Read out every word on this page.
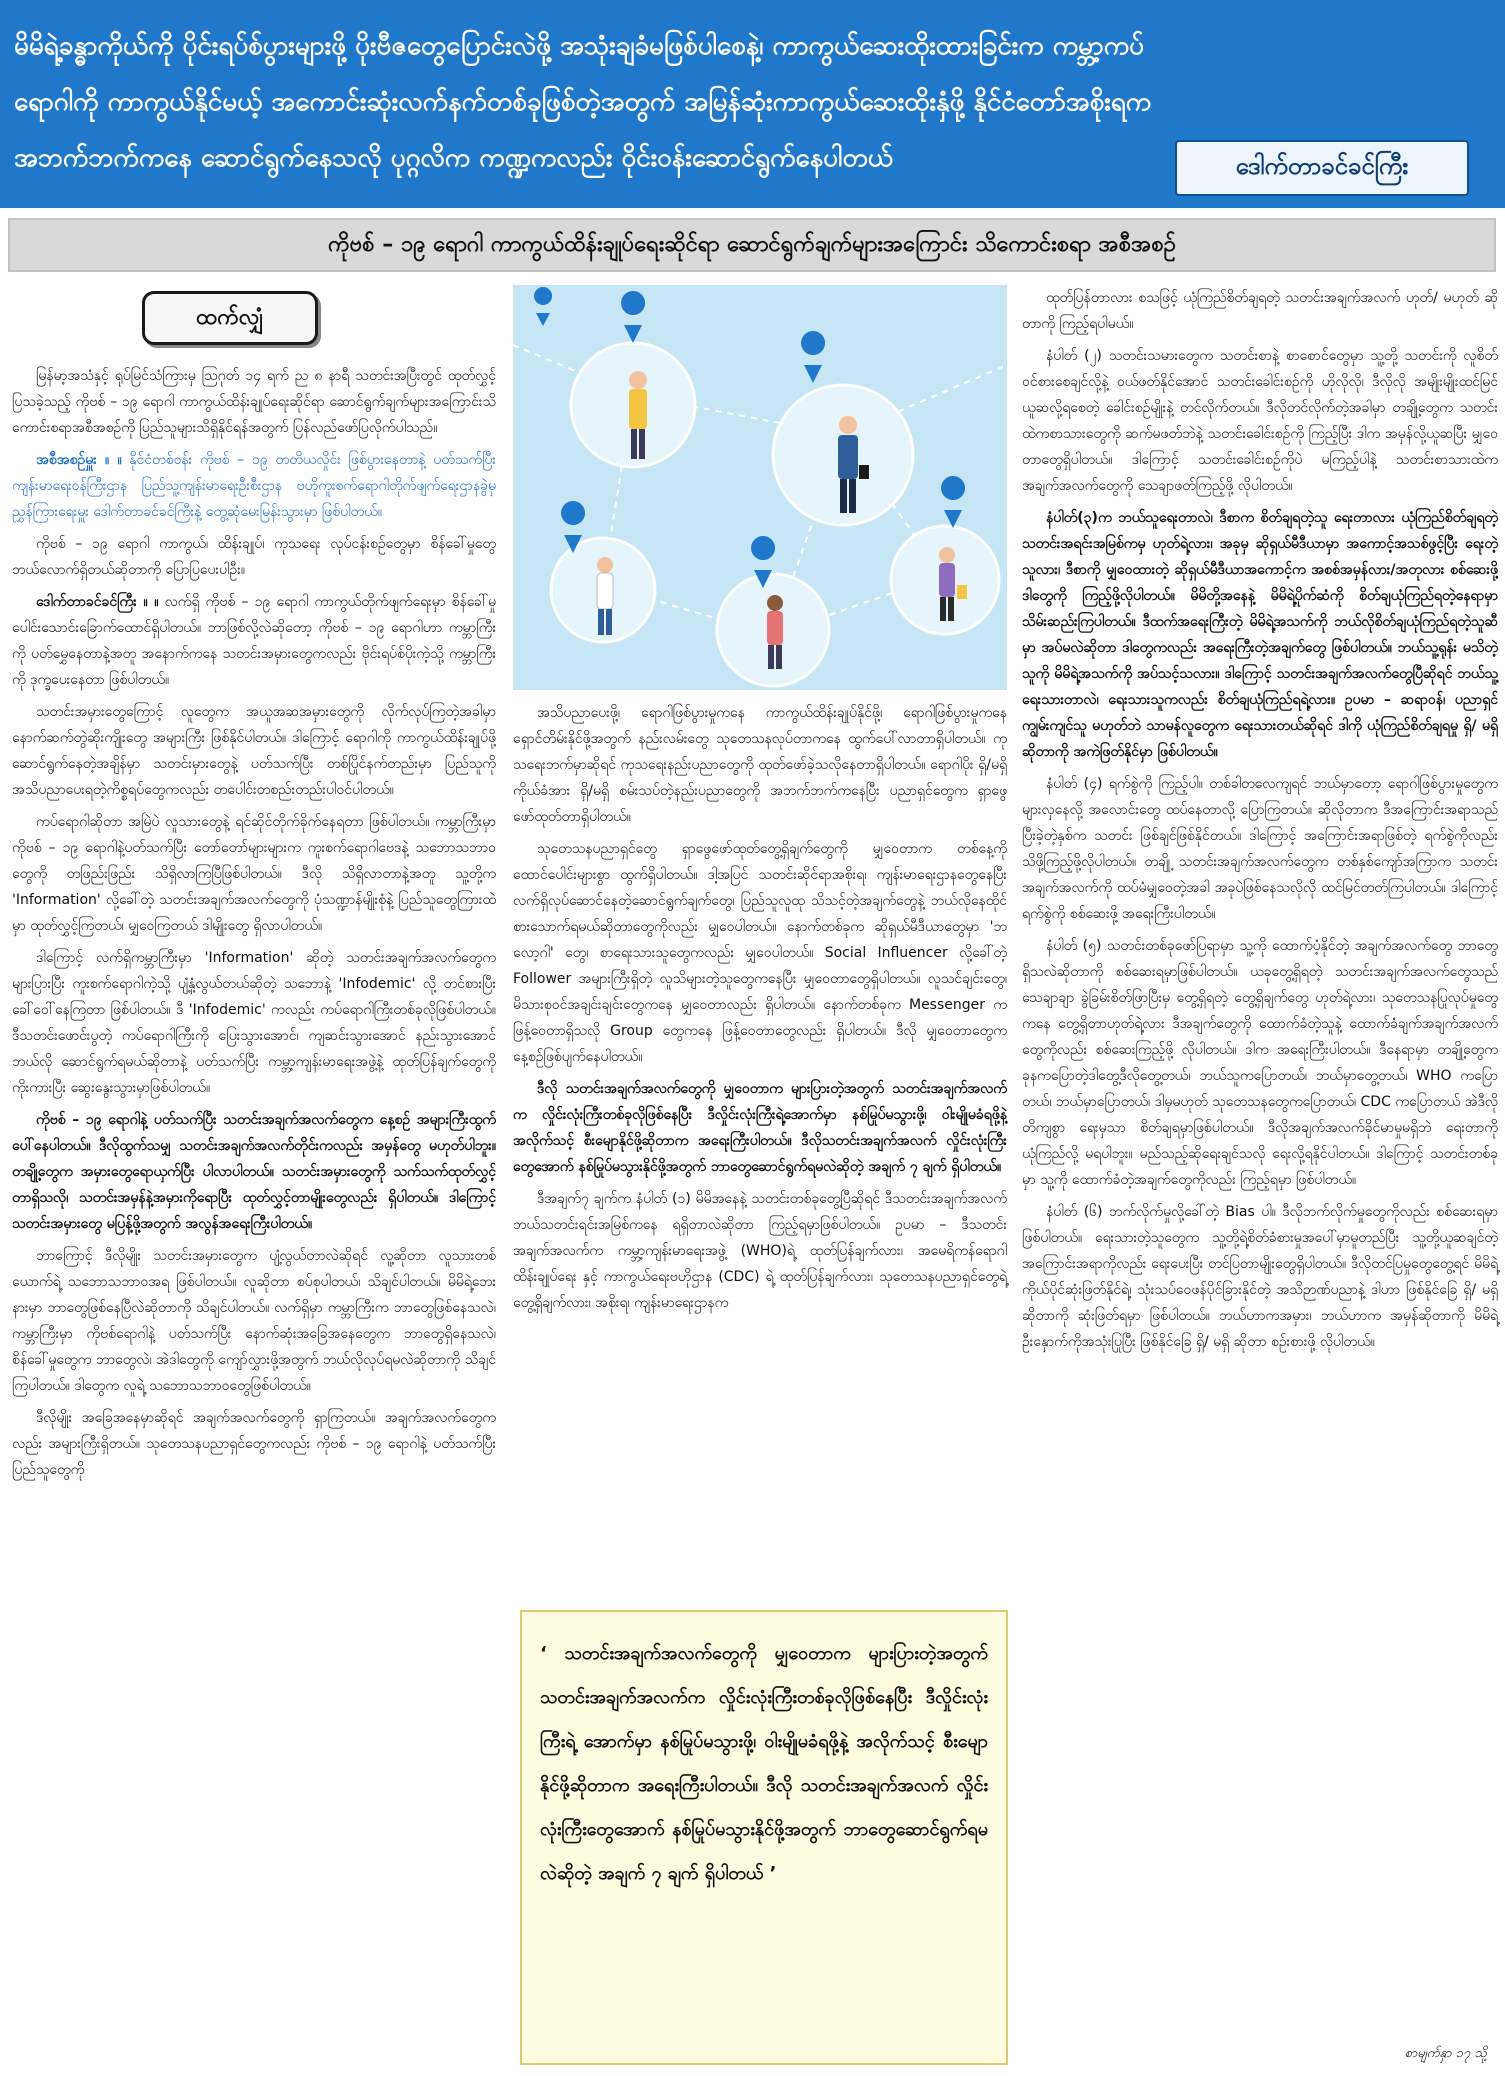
မိမိရဲ့ခန္ဓာကိုယ်ကို ပိုင်းရပ်စ်ပွားများဖို့ ပိုးဗီဇတွေပြောင်းလဲဖို့ အသုံးချခံမဖြစ်ပါစေနဲ့၊ ကာကွယ်ဆေးထိုးထားခြင်းက ကမ္ဘာ့ကပ်ရောဂါကို ကာကွယ်နိုင်မယ့် အကောင်းဆုံးလက်နက်တစ်ခုဖြစ်တဲ့အတွက် အမြန်ဆုံးကာကွယ်ဆေးထိုးနှံဖို့ နိုင်ငံတော်အစိုးရက အဘက်ဘက်ကနေ ဆောင်ရွက်နေသလို ပုဂ္ဂလိက ကဏ္ဍကလည်း ဝိုင်းဝန်းဆောင်ရွက်နေပါတယ်	ဒေါက်တာခင်ခင်ကြီး
ကိုဗစ် – ၁၉ ရောဂါ ကာကွယ်ထိန်းချုပ်ရေးဆိုင်ရာ ဆောင်ရွက်ချက်များအကြောင်း သိကောင်းစရာ အစီအစဉ်
ထက်လျှံ

မြန်မာ့အသံနှင့် ရုပ်မြင်သံကြားမှ ဩဂုတ် ၁၄ ရက် ည ၈ နာရီ သတင်းအပြီးတွင် ထုတ်လွှင့်ပြသခဲ့သည့် ကိုဗစ် – ၁၉ ရောဂါ ကာကွယ်ထိန်းချုပ်ရေးဆိုင်ရာ ဆောင်ရွက်ချက်များအကြောင်းသိကောင်းစရာအစီအစဉ်ကို ပြည်သူများသိရှိနိုင်ရန်အတွက် ပြန်လည်ဖော်ပြလိုက်ပါသည်။

အစီအစဉ်မှူး ။ ။ နိုင်ငံတစ်ဝန်း ကိုဗစ် – ၁၉ တတိယလှိုင်း ဖြစ်ပွားနေတာနဲ့ ပတ်သက်ပြီး ကျန်းမာရေးဝန်ကြီးဌာန ပြည်သူ့ကျန်းမာရေးဦးစီးဌာန ဗဟိုကူးစက်ရောဂါတိုက်ဖျက်ရေးဌာနခွဲမှ ညွှန်ကြားရေးမှူး ဒေါက်တာခင်ခင်ကြီးနဲ့ တွေ့ဆုံမေးမြန်းသွားမှာ ဖြစ်ပါတယ်။

ကိုဗစ် – ၁၉ ရောဂါ ကာကွယ်၊ ထိန်းချုပ်၊ ကုသရေး လုပ်ငန်းစဉ်တွေမှာ စိန်ခေါ်မှုတွေ ဘယ်လောက်ရှိတယ်ဆိုတာကို ပြောပြပေးပါဦး။

ဒေါက်တာခင်ခင်ကြီး ။ ။ လက်ရှိ ကိုဗစ် – ၁၉ ရောဂါ ကာကွယ်တိုက်ဖျက်ရေးမှာ စိန်ခေါ်မှုပေါင်းသောင်းခြောက်ထောင်ရှိပါတယ်။ ဘာဖြစ်လို့လဲဆိုတော့ ကိုဗစ် – ၁၉ ရောဂါဟာ ကမ္ဘာကြီးကို ပတ်မွှေနေတာနဲ့အတူ အနောက်ကနေ သတင်းအမှားတွေကလည်း ဗိုင်းရပ်စ်ပိုးကဲ့သို့ ကမ္ဘာကြီးကို ဒုက္ခပေးနေတာ ဖြစ်ပါတယ်။

သတင်းအမှားတွေကြောင့် လူတွေက အယူအဆအမှားတွေကို လိုက်လုပ်ကြတဲ့အခါမှာ နောက်ဆက်တွဲဆိုးကျိုးတွေ အများကြီး ဖြစ်နိုင်ပါတယ်။ ဒါကြောင့် ရောဂါကို ကာကွယ်ထိန်းချုပ်ဖို့ ဆောင်ရွက်နေတဲ့အချိန်မှာ သတင်းမှားတွေနဲ့ ပတ်သက်ပြီး တစ်ပြိုင်နက်တည်းမှာ ပြည်သူကို အသိပညာပေးရတဲ့ကိစ္စရပ်တွေကလည်း တပေါင်းတစည်းတည်းပါဝင်ပါတယ်။

ကပ်ရောဂါဆိုတာ အမြဲပဲ လူသားတွေနဲ့ ရင်ဆိုင်တိုက်ခိုက်နေရတာ ဖြစ်ပါတယ်။ ကမ္ဘာကြီးမှာ ကိုဗစ် – ၁၉ ရောဂါနဲ့ပတ်သက်ပြီး တော်တော်များများက ကူးစက်ရောဂါဗေဒနဲ့ သဘောသဘာဝတွေကို တဖြည်းဖြည်း သိရှိလာကြပြီဖြစ်ပါတယ်။ ဒီလို သိရှိလာတာနဲ့အတူ သူ့တို့က 'Information' လို့ခေါ်တဲ့ သတင်းအချက်အလက်တွေကို ပုံသဏ္ဍာန်မျိုးစုံနဲ့ ပြည်သူတွေကြားထဲမှာ ထုတ်လွှင့်ကြတယ်၊ မျှဝေကြတယ် ဒါမျိုးတွေ ရှိလာပါတယ်။

ဒါကြောင့် လက်ရှိကမ္ဘာကြီးမှာ 'Information' ဆိုတဲ့ သတင်းအချက်အလက်တွေက များပြားပြီး ကူးစက်ရောဂါကဲ့သို့ ပျံ့နှံ့လွယ်တယ်ဆိုတဲ့ သဘောနဲ့ 'Infodemic' လို့ တင်စားပြီး ခေါ်ဝေါ်နေကြတာ ဖြစ်ပါတယ်။ ဒီ 'Infodemic' ကလည်း ကပ်ရောဂါကြီးတစ်ခုလိုဖြစ်ပါတယ်။ ဒီသတင်းဖောင်းပွတဲ့ ကပ်ရောဂါကြီးကို ပြေးသွားအောင်၊ ကျဆင်းသွားအောင် နည်းသွားအောင် ဘယ်လို ဆောင်ရွက်ရမယ်ဆိုတာနဲ့ ပတ်သက်ပြီး ကမ္ဘာ့ကျန်းမာရေးအဖွဲ့နဲ့ ထုတ်ပြန်ချက်တွေကို ကိုးကားပြီး ဆွေးနွေးသွားမှာဖြစ်ပါတယ်။

ကိုဗစ် – ၁၉ ရောဂါနဲ့ ပတ်သက်ပြီး သတင်းအချက်အလက်တွေက နေ့စဉ် အများကြီးထွက်ပေါ်နေပါတယ်။ ဒီလိုထွက်သမျှ သတင်းအချက်အလက်တိုင်းကလည်း အမှန်တွေ မဟုတ်ပါဘူး။ တချို့တွေက အမှားတွေရောယှက်ပြီး ပါလာပါတယ်။ သတင်းအမှားတွေကို သက်သက်ထုတ်လွှင့်တာရှိသလို၊ သတင်းအမှန်နဲ့အမှားကိုရောပြီး ထုတ်လွှင့်တာမျိုးတွေလည်း ရှိပါတယ်။ ဒါကြောင့် သတင်းအမှားတွေ မပြန့်ဖို့အတွက် အလွန်အရေးကြီးပါတယ်။

ဘာကြောင့် ဒီလိုမျိုး သတင်းအမှားတွေက ပျံ့လွယ်တာလဲဆိုရင် လူ့ဆိုတာ လူသားတစ်ယောက်ရဲ့ သဘောသဘာဝအရ ဖြစ်ပါတယ်။ လူဆိုတာ စပ်စုပါတယ်၊ သိချင်ပါတယ်။ မိမိရဲ့ဘေးနားမှာ ဘာတွေဖြစ်နေပြီလဲဆိုတာကို သိချင်ပါတယ်။ လက်ရှိမှာ ကမ္ဘာကြီးက ဘာတွေဖြစ်နေသလဲ၊ ကမ္ဘာကြီးမှာ ကိုဗစ်ရောဂါနဲ့ ပတ်သက်ပြီး နောက်ဆုံးအခြေအနေတွေက ဘာတွေရှိနေသလဲ၊ စိန်ခေါ်မှုတွေက ဘာတွေလဲ၊ အဲဒါတွေကို ကျော်လွှားဖို့အတွက် ဘယ်လိုလုပ်ရမလဲဆိုတာကို သိချင်ကြပါတယ်။ ဒါတွေက လူရဲ့ သဘောသဘာဝတွေဖြစ်ပါတယ်။

ဒီလိုမျိုး အခြေအနေမှာဆိုရင် အချက်အလက်တွေကို ရှာကြတယ်။ အချက်အလက်တွေကလည်း အများကြီးရှိတယ်။ သုတေသနပညာရှင်တွေကလည်း ကိုဗစ် – ၁၉ ရောဂါနဲ့ ပတ်သက်ပြီး ပြည်သူတွေကို

အသိပညာပေးဖို့၊ ရောဂါဖြစ်ပွားမှုကနေ ကာကွယ်ထိန်းချုပ်နိုင်ဖို့၊ ရောဂါဖြစ်ပွားမှုကနေ ရှောင်တိမ်းနိုင်ဖို့အတွက် နည်းလမ်းတွေ သုတေသနလုပ်တာကနေ ထွက်ပေါ်လာတာရှိပါတယ်။ ကုသရေးဘက်မှာဆိုရင် ကုသရေးနည်းပညာတွေကို ထုတ်ဖော်ခဲ့သလိုနေတာရှိပါတယ်။ ရောဂါပိုး ရှိ/မရှိ ကိုယ်ခံအား ရှိ/မရှိ စမ်းသပ်တဲ့နည်းပညာတွေကို အဘက်ဘက်ကနေပြီး ပညာရှင်တွေက ရှာဖွေဖော်ထုတ်တာရှိပါတယ်။

သုတေသနပညာရှင်တွေ ရှာဖွေဖော်ထုတ်တွေ့ရှိချက်တွေကို မျှဝေတာက တစ်နေ့ကို ထောင်ပေါင်းများစွာ ထွက်ရှိပါတယ်။ ဒါ့အပြင် သတင်းဆိုင်ရာအစိုးရ၊ ကျန်းမာရေးဌာနတွေနေပြီး လက်ရှိလုပ်ဆောင်နေတဲ့ဆောင်ရွက်ချက်တွေ၊ ပြည်သူလူထု သိသင့်တဲ့အချက်တွေနဲ့ ဘယ်လိုနေထိုင်စားသောက်ရမယ်ဆိုတာတွေကိုလည်း မျှဝေပါတယ်။ နောက်တစ်ခုက ဆိုရှယ်မီဒီယာတွေမှာ 'ဘလော့ဂါ' တွေ၊ စာရေးသားသူတွေကလည်း မျှဝေပါတယ်။ Social Influencer လို့ခေါ်တဲ့ Follower အများကြီးရှိတဲ့ လူသိများတဲ့သူတွေကနေပြီး မျှဝေတာတွေရှိပါတယ်။ လူသင်ချင်းတွေ၊ မိသားစုဝင်အချင်းချင်းတွေကနေ မျှဝေတာလည်း ရှိပါတယ်။ နောက်တစ်ခုက Messenger က ဖြန့်ဝေတာရှိသလို Group တွေကနေ ဖြန့်ဝေတာတွေလည်း ရှိပါတယ်။ ဒီလို မျှဝေတာတွေက နေ့စဉ်ဖြစ်ပျက်နေပါတယ်။

ဒီလို သတင်းအချက်အလက်တွေကို မျှဝေတာက များပြားတဲ့အတွက် သတင်းအချက်အလက်က လှိုင်းလုံးကြီးတစ်ခုလိုဖြစ်နေပြီး ဒီလှိုင်းလုံးကြီးရဲ့အောက်မှာ နစ်မြုပ်မသွားဖို့၊ ဝါးမျိုမခံရဖို့နဲ့ အလိုက်သင့် စီးမျောနိုင်ဖို့ဆိုတာက အရေးကြီးပါတယ်။ ဒီလိုသတင်းအချက်အလက် လှိုင်းလုံးကြီးတွေအောက် နစ်မြုပ်မသွားနိုင်ဖို့အတွက် ဘာတွေဆောင်ရွက်ရမလဲဆိုတဲ့ အချက် ၇ ချက် ရှိပါတယ်။

ဒီအချက်၇ ချက်က နံပါတ် (၁) မိမိအနေနဲ့ သတင်းတစ်ခုတွေ့ပြီဆိုရင် ဒီသတင်းအချက်အလက် ဘယ်သတင်းရင်းအမြစ်ကနေ ရရှိတာလဲဆိုတာ ကြည့်ရမှာဖြစ်ပါတယ်။ ဥပမာ – ဒီသတင်းအချက်အလက်က ကမ္ဘာ့ကျန်းမာရေးအဖွဲ့ (WHO)ရဲ့ ထုတ်ပြန်ချက်လား၊ အမေရိကန်ရောဂါထိန်းချုပ်ရေး နှင့် ကာကွယ်ရေးဗဟိုဌာန (CDC) ရဲ့ ထုတ်ပြန်ချက်လား၊ သုတေသနပညာရှင်တွေရဲ့ တွေ့ရှိချက်လား၊ အစိုးရ၊ ကျန်းမာရေးဌာနက

‘ သတင်းအချက်အလက်တွေကို မျှဝေတာက များပြားတဲ့အတွက် သတင်းအချက်အလက်က လှိုင်းလုံးကြီးတစ်ခုလိုဖြစ်နေပြီး ဒီလှိုင်းလုံးကြီးရဲ့ အောက်မှာ နစ်မြုပ်မသွားဖို့၊ ဝါးမျိုမခံရဖို့နဲ့ အလိုက်သင့် စီးမျောနိုင်ဖို့ဆိုတာက အရေးကြီးပါတယ်။ ဒီလို သတင်းအချက်အလက် လှိုင်းလုံးကြီးတွေအောက် နစ်မြုပ်မသွားနိုင်ဖို့အတွက် ဘာတွေဆောင်ရွက်ရမလဲဆိုတဲ့ အချက် ၇ ချက် ရှိပါတယ် ’

ထုတ်ပြန်တာလား စသဖြင့် ယုံကြည်စိတ်ချရတဲ့ သတင်းအချက်အလက် ဟုတ်/ မဟုတ် ဆိုတာကို ကြည့်ရပါမယ်။

နံပါတ် (၂) သတင်းသမားတွေက သတင်းစာနဲ့ စာစောင်တွေမှာ သူ့တို့ သတင်းကို လူစိတ်ဝင်စားစေချင်လို့နဲ့ ဝယ်ဖတ်နိုင်အောင် သတင်းခေါင်းစဉ်ကို ဟိုလိုလို၊ ဒီလိုလို အမျိုးမျိုးထင်မြင်ယူဆလို့ရစေတဲ့ ခေါင်းစဉ်မျိုးနဲ့ တင်လိုက်တယ်။ ဒီလိုတင်လိုက်တဲ့အခါမှာ တချို့တွေက သတင်းထဲကစာသားတွေကို ဆက်မဖတ်ဘဲနဲ့ သတင်းခေါင်းစဉ်ကို ကြည့်ပြီး ဒါက အမှန်လို့ယူဆပြီး မျှဝေတာတွေရှိပါတယ်။ ဒါကြောင့် သတင်းခေါင်းစဉ်ကိုပဲ မကြည့်ပါနဲ့ သတင်းစာသားထဲက အချက်အလက်တွေကို သေချာဖတ်ကြည့်ဖို့ လိုပါတယ်။

နံပါတ်(၃)က ဘယ်သူရေးတာလဲ၊ ဒီစာက စိတ်ချရတဲ့သူ ရေးတာလား ယုံကြည်စိတ်ချရတဲ့ သတင်းအရင်းအမြစ်ကမှ ဟုတ်ရဲ့လား၊ အခုမှ ဆိုရှယ်မီဒီယာမှာ အကောင့်အသစ်ဖွင့်ပြီး ရေးတဲ့သူလား၊ ဒီစာကို မျှဝေထားတဲ့ ဆိုရှယ်မီဒီယာအကောင့်က အစစ်အမှန်လား/အတုလား စစ်ဆေးဖို့ ဒါတွေကို ကြည့်ဖို့လိုပါတယ်။ မိမိတို့အနေနဲ့ မိမိရဲ့ပိုက်ဆံကို စိတ်ချယုံကြည်ရတဲ့နေရာမှာသိမ်းဆည်းကြပါတယ်။ ဒီထက်အရေးကြီးတဲ့ မိမိရဲ့အသက်ကို ဘယ်လိုစိတ်ချယုံကြည်ရတဲ့သူဆီမှာ အပ်မလဲဆိုတာ ဒါတွေကလည်း အရေးကြီးတဲ့အချက်တွေ ဖြစ်ပါတယ်။ ဘယ်သူ့ရုန်း မသိတဲ့သူကို မိမိရဲ့အသက်ကို အပ်သင့်သလား။ ဒါကြောင့် သတင်းအချက်အလက်တွေပြီဆိုရင် ဘယ်သူ့ရေးသားတာလဲ၊ ရေးသားသူကလည်း စိတ်ချယုံကြည်ရရဲ့လား။ ဥပမာ – ဆရာဝန်၊ ပညာရှင်ကျွမ်းကျင်သူ မဟုတ်ဘဲ သာမန်လူတွေက ရေးသားတယ်ဆိုရင် ဒါကို ယုံကြည်စိတ်ချရမှု ရှိ/ မရှိ ဆိုတာကို အကဲဖြတ်နိုင်မှာ ဖြစ်ပါတယ်။

နံပါတ် (၄) ရက်စွဲကို ကြည့်ပါ။ တစ်ခါတလေကျရင် ဘယ်မှာတော့ ရောဂါဖြစ်ပွားမှုတွေက များလှနေလို့ အလောင်းတွေ ထပ်နေတာလို့ ပြောကြတယ်။ ဆိုလိုတာက ဒီအကြောင်းအရာသည် ပြီးခဲ့တဲ့နှစ်က သတင်း ဖြစ်ချင်ဖြစ်နိုင်တယ်။ ဒါကြောင့် အကြောင်းအရာဖြစ်တဲ့ ရက်စွဲကိုလည်း သိဖို့ကြည့်ဖို့လိုပါတယ်။ တချို့ သတင်းအချက်အလက်တွေက တစ်နှစ်ကျော်အကြာက သတင်းအချက်အလက်ကို ထပ်မံမျှဝေတဲ့အခါ အခုပဲဖြစ်နေသလိုလို ထင်မြင်တတ်ကြပါတယ်။ ဒါကြောင့် ရက်စွဲကို စစ်ဆေးဖို့ အရေးကြီးပါတယ်။

နံပါတ် (၅) သတင်းတစ်ခုဖော်ပြရာမှာ သူ့ကို ထောက်ပံ့နိုင်တဲ့ အချက်အလက်တွေ ဘာတွေရှိသလဲဆိုတာကို စစ်ဆေးရမှာဖြစ်ပါတယ်။ ယခုတွေ့ရှိရတဲ့ သတင်းအချက်အလက်တွေသည် သေချာချာ ခွဲခြမ်းစိတ်ဖြာပြီးမှ တွေ့ရှိရတဲ့ တွေ့ရှိချက်တွေ ဟုတ်ရဲ့လား၊ သုတေသနပြုလုပ်မှုတွေကနေ တွေ့ရှိတာဟုတ်ရဲ့လား ဒီအချက်တွေကို ထောက်ခံတဲ့သူနဲ့ ထောက်ခံချက်အချက်အလက်တွေကိုလည်း စစ်ဆေးကြည့်ဖို့ လိုပါတယ်။ ဒါက အရေးကြီးပါတယ်။ ဒီနေရာမှာ တချို့တွေက ခုနကပြောတဲ့ဒါတွေ့ဒီလိုတွေ့တယ်၊ ဘယ်သူကပြောတယ်၊ ဘယ်မှာတွေ့တယ်၊ WHO ကပြောတယ်၊ ဘယ်မှာပြောတယ်၊ ဒါမှမဟုတ် သုတေသနတွေကပြောတယ်၊ CDC ကပြောတယ် အဲဒီလို တိကျစွာ ရေးမှသာ စိတ်ချရမှာဖြစ်ပါတယ်။ ဒီလိုအချက်အလက်ခိုင်မာမှုမရှိဘဲ ရေးတာကို ယုံကြည်လို့ မရပါဘူး။ မည်သည့်ဆိုရေးချင်သလို ရေးလို့ရနိုင်ပါတယ်။ ဒါကြောင့် သတင်းတစ်ခုမှာ သူ့ကို ထောက်ခံတဲ့အချက်တွေကိုလည်း ကြည့်ရမှာ ဖြစ်ပါတယ်။

နံပါတ် (၆) ဘက်လိုက်မှုလို့ခေါ်တဲ့ Bias ပါ။ ဒီလိုဘက်လိုက်မှုတွေကိုလည်း စစ်ဆေးရမှာဖြစ်ပါတယ်။ ရေးသားတဲ့သူတွေက သူ့တို့ရဲ့စိတ်ခံစားမှုအပေါ်မှာမူတည်ပြီး သူ့တို့ယူဆချင်တဲ့ အကြောင်းအရာကိုလည်း ရေးပေးပြီး တင်ပြတာမျိုးတွေရှိပါတယ်။ ဒီလိုတင်ပြမှုတွေတွေ့ရင် မိမိရဲ့ ကိုယ်ပိုင်ဆုံးဖြတ်နိုင်ရဲ့၊ သုံးသပ်ဝေဖန်ပိုင်ခြားနိုင်တဲ့ အသိဉာဏ်ပညာနဲ့ ဒါဟာ ဖြစ်နိုင်ခြေ ရှိ/ မရှိ ဆိုတာကို ဆုံးဖြတ်ရမှာ ဖြစ်ပါတယ်။ ဘယ်ဟာကအမှား၊ ဘယ်ဟာက အမှန်ဆိုတာကို မိမိရဲ့ဦးနှောက်ကိုအသုံးပြုပြီး ဖြစ်နိုင်ခြေ ရှိ/ မရှိ ဆိုတာ စဉ်းစားဖို့ လိုပါတယ်။

စာမျက်နှာ ၁၇ သို့
